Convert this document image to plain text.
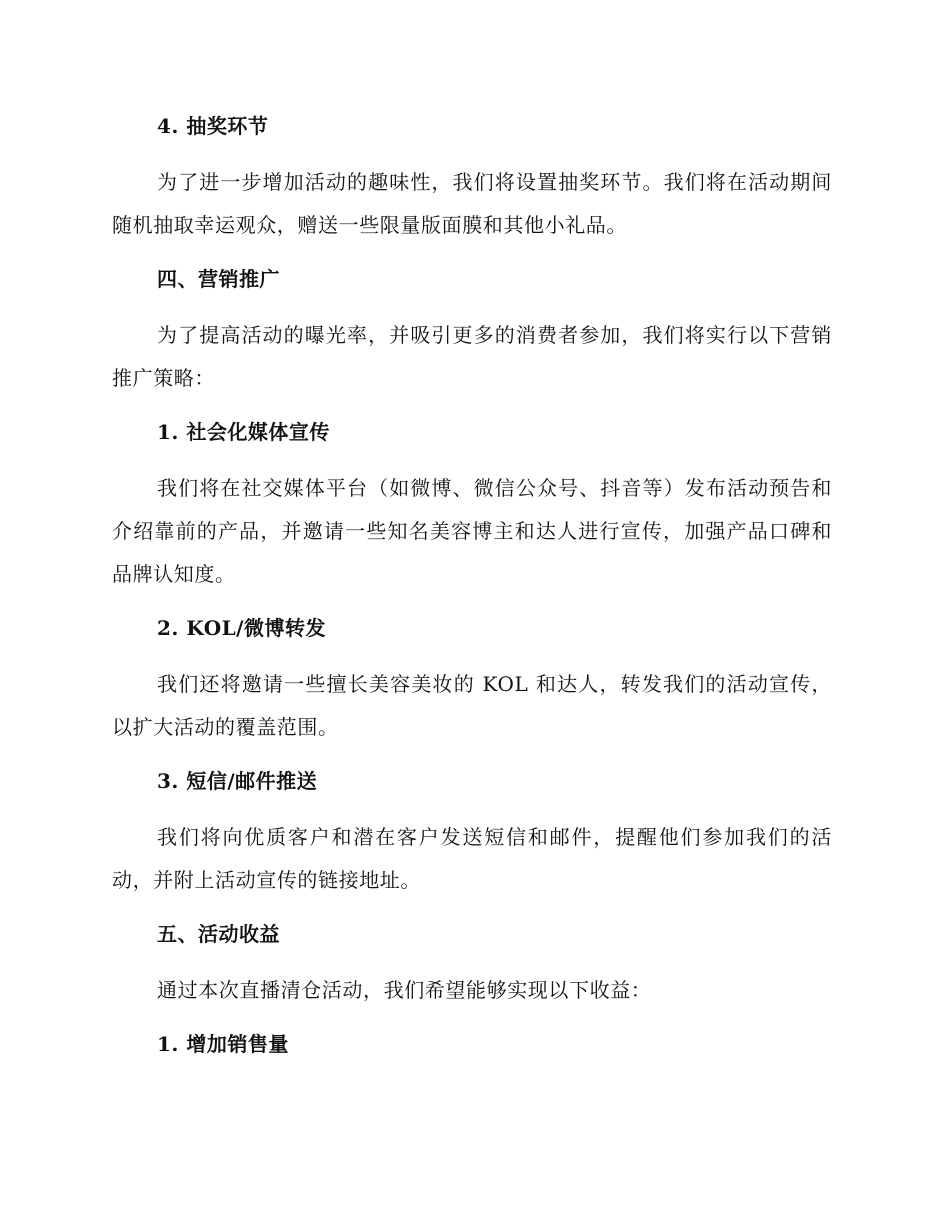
4. 抽奖环节

为了进一步增加活动的趣味性，我们将设置抽奖环节。我们将在活动期间随机抽取幸运观众，赠送一些限量版面膜和其他小礼品。

四、营销推广

为了提高活动的曝光率，并吸引更多的消费者参加，我们将实行以下营销推广策略：

1. 社会化媒体宣传

我们将在社交媒体平台（如微博、微信公众号、抖音等）发布活动预告和介绍靠前的产品，并邀请一些知名美容博主和达人进行宣传，加强产品口碑和品牌认知度。

2. KOL/微博转发

我们还将邀请一些擅长美容美妆的 KOL 和达人，转发我们的活动宣传，以扩大活动的覆盖范围。

3. 短信/邮件推送

我们将向优质客户和潜在客户发送短信和邮件，提醒他们参加我们的活动，并附上活动宣传的链接地址。

五、活动收益

通过本次直播清仓活动，我们希望能够实现以下收益：

1. 增加销售量
